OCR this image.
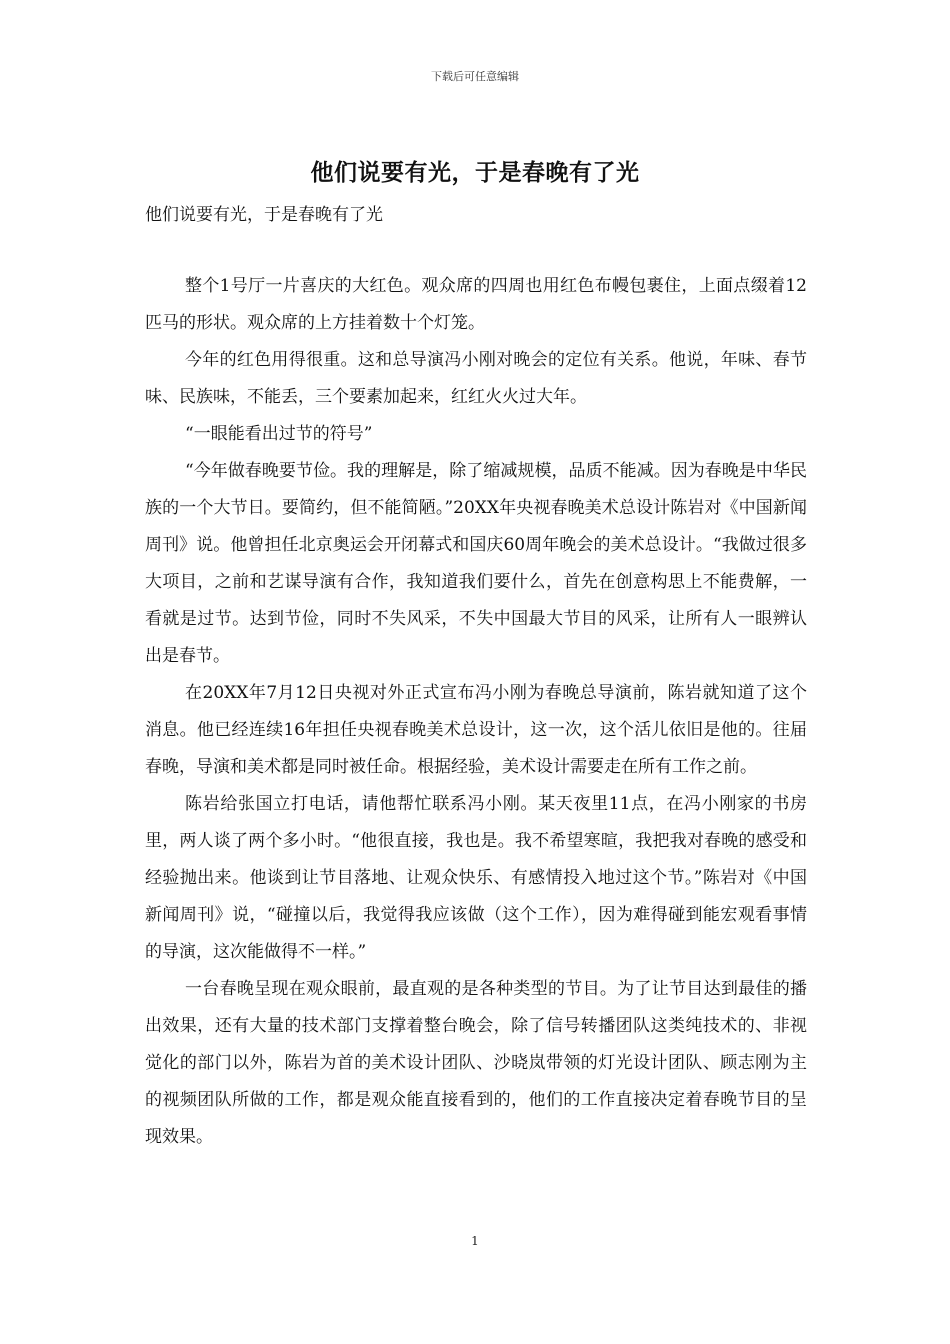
下载后可任意编辑
他们说要有光，于是春晚有了光

他们说要有光，于是春晚有了光

整个1号厅一片喜庆的大红色。观众席的四周也用红色布幔包裹住，上面点缀着12匹马的形状。观众席的上方挂着数十个灯笼。

今年的红色用得很重。这和总导演冯小刚对晚会的定位有关系。他说，年味、春节味、民族味，不能丢，三个要素加起来，红红火火过大年。

“一眼能看出过节的符号”

“今年做春晚要节俭。我的理解是，除了缩减规模，品质不能减。因为春晚是中华民族的一个大节日。要简约，但不能简陋。”20XX年央视春晚美术总设计陈岩对《中国新闻周刊》说。他曾担任北京奥运会开闭幕式和国庆60周年晚会的美术总设计。“我做过很多大项目，之前和艺谋导演有合作，我知道我们要什么，首先在创意构思上不能费解，一看就是过节。达到节俭，同时不失风采，不失中国最大节目的风采，让所有人一眼辨认出是春节。

在20XX年7月12日央视对外正式宣布冯小刚为春晚总导演前，陈岩就知道了这个消息。他已经连续16年担任央视春晚美术总设计，这一次，这个活儿依旧是他的。往届春晚，导演和美术都是同时被任命。根据经验，美术设计需要走在所有工作之前。

陈岩给张国立打电话，请他帮忙联系冯小刚。某天夜里11点，在冯小刚家的书房里，两人谈了两个多小时。“他很直接，我也是。我不希望寒暄，我把我对春晚的感受和经验抛出来。他谈到让节目落地、让观众快乐、有感情投入地过这个节。”陈岩对《中国新闻周刊》说，“碰撞以后，我觉得我应该做（这个工作），因为难得碰到能宏观看事情的导演，这次能做得不一样。”

一台春晚呈现在观众眼前，最直观的是各种类型的节目。为了让节目达到最佳的播出效果，还有大量的技术部门支撑着整台晚会，除了信号转播团队这类纯技术的、非视觉化的部门以外，陈岩为首的美术设计团队、沙晓岚带领的灯光设计团队、顾志刚为主的视频团队所做的工作，都是观众能直接看到的，他们的工作直接决定着春晚节目的呈现效果。

1
